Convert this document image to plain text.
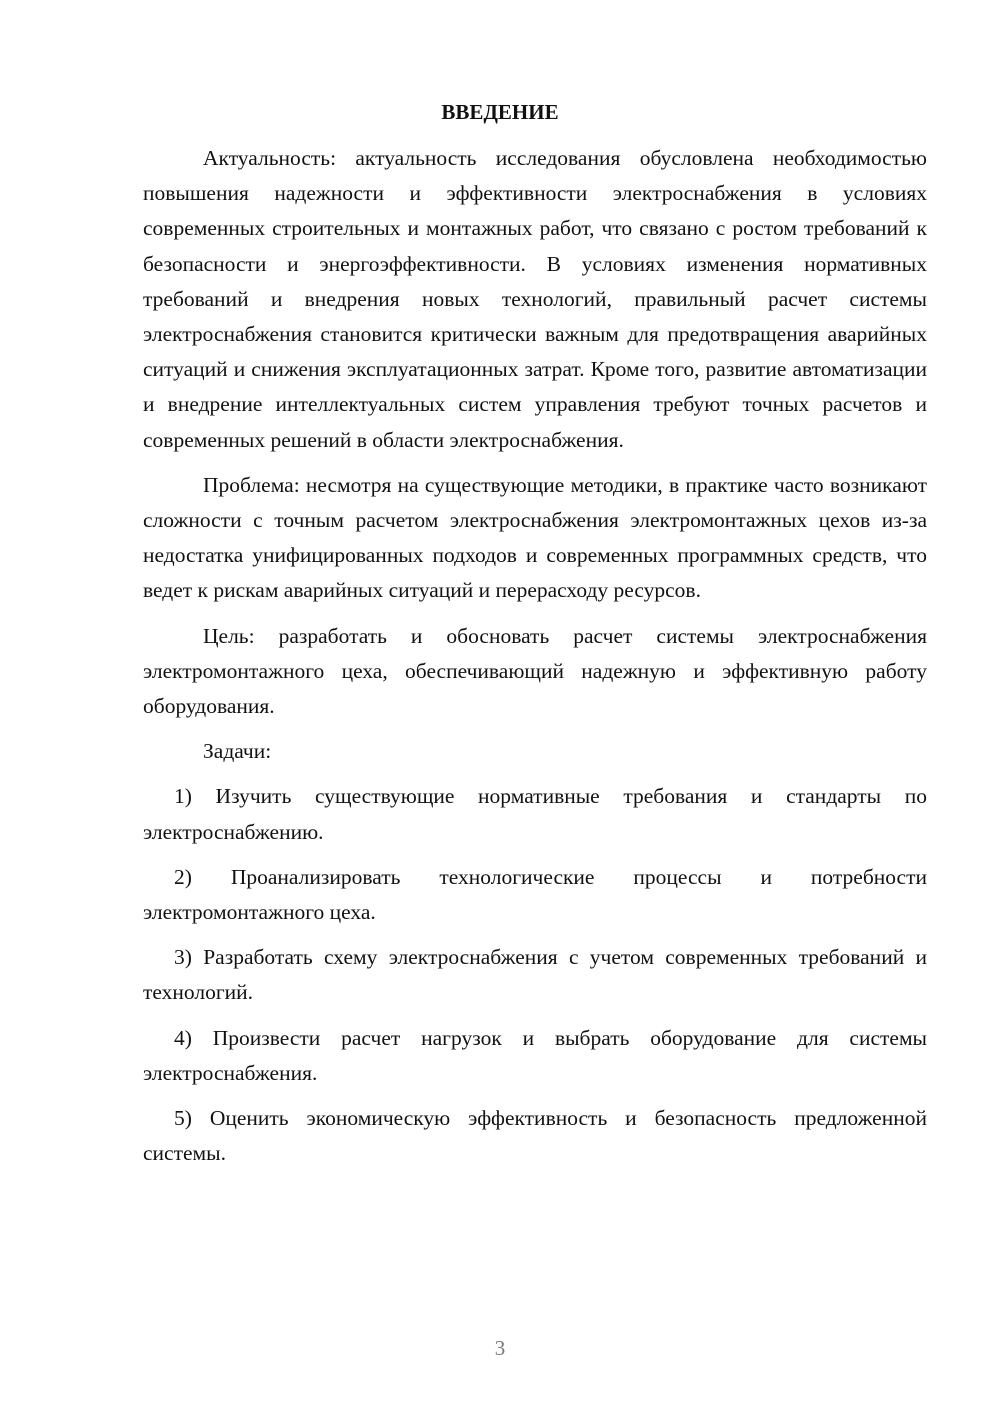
ВВЕДЕНИЕ

Актуальность: актуальность исследования обусловлена необходимостью повышения надежности и эффективности электроснабжения в условиях современных строительных и монтажных работ, что связано с ростом требований к безопасности и энергоэффективности. В условиях изменения нормативных требований и внедрения новых технологий, правильный расчет системы электроснабжения становится критически важным для предотвращения аварийных ситуаций и снижения эксплуатационных затрат. Кроме того, развитие автоматизации и внедрение интеллектуальных систем управления требуют точных расчетов и современных решений в области электроснабжения.

Проблема: несмотря на существующие методики, в практике часто возникают сложности с точным расчетом электроснабжения электромонтажных цехов из-за недостатка унифицированных подходов и современных программных средств, что ведет к рискам аварийных ситуаций и перерасходу ресурсов.

Цель: разработать и обосновать расчет системы электроснабжения электромонтажного цеха, обеспечивающий надежную и эффективную работу оборудования.

Задачи:

1) Изучить существующие нормативные требования и стандарты по электроснабжению.

2) Проанализировать технологические процессы и потребности электромонтажного цеха.

3) Разработать схему электроснабжения с учетом современных требований и технологий.

4) Произвести расчет нагрузок и выбрать оборудование для системы электроснабжения.

5) Оценить экономическую эффективность и безопасность предложенной системы.

3
